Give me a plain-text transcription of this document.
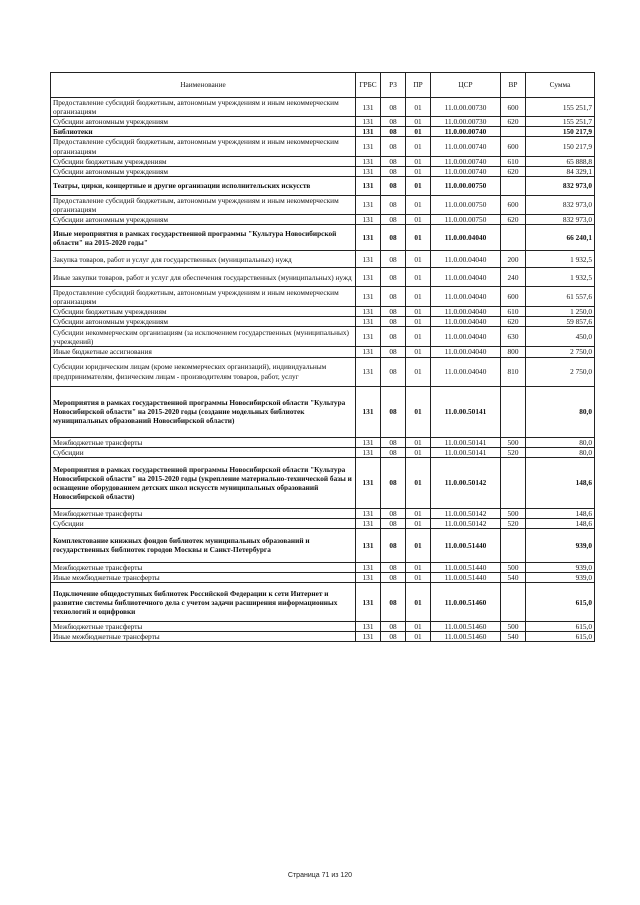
Наименование	ГРБС	РЗ	ПР	ЦСР	ВР	Сумма
Предоставление субсидий бюджетным, автономным учреждениям и иным некоммерческим организациям	131	08	01	11.0.00.00730	600	155 251,7
Субсидии автономным учреждениям	131	08	01	11.0.00.00730	620	155 251,7
Библиотеки	131	08	01	11.0.00.00740		150 217,9
Предоставление субсидий бюджетным, автономным учреждениям и иным некоммерческим организациям	131	08	01	11.0.00.00740	600	150 217,9
Субсидии бюджетным учреждениям	131	08	01	11.0.00.00740	610	65 888,8
Субсидии автономным учреждениям	131	08	01	11.0.00.00740	620	84 329,1
Театры, цирки, концертные и другие организации исполнительских искусств	131	08	01	11.0.00.00750		832 973,0
Предоставление субсидий бюджетным, автономным учреждениям и иным некоммерческим организациям	131	08	01	11.0.00.00750	600	832 973,0
Субсидии автономным учреждениям	131	08	01	11.0.00.00750	620	832 973,0
Иные мероприятия в рамках государственной программы "Культура Новосибирской области" на 2015-2020 годы"	131	08	01	11.0.00.04040		66 240,1
Закупка товаров, работ и услуг для государственных (муниципальных) нужд	131	08	01	11.0.00.04040	200	1 932,5
Иные закупки товаров, работ и услуг для обеспечения государственных (муниципальных) нужд	131	08	01	11.0.00.04040	240	1 932,5
Предоставление субсидий бюджетным, автономным учреждениям и иным некоммерческим организациям	131	08	01	11.0.00.04040	600	61 557,6
Субсидии бюджетным учреждениям	131	08	01	11.0.00.04040	610	1 250,0
Субсидии автономным учреждениям	131	08	01	11.0.00.04040	620	59 857,6
Субсидии некоммерческим организациям (за исключением государственных (муниципальных) учреждений)	131	08	01	11.0.00.04040	630	450,0
Иные бюджетные ассигнования	131	08	01	11.0.00.04040	800	2 750,0
Субсидии юридическим лицам (кроме некоммерческих организаций), индивидуальным предпринимателям, физическим лицам - производителям товаров, работ, услуг	131	08	01	11.0.00.04040	810	2 750,0
Мероприятия в рамках государственной программы Новосибирской области "Культура Новосибирской области" на 2015-2020 годы (создание модельных библиотек муниципальных образований Новосибирской области)	131	08	01	11.0.00.50141		80,0
Межбюджетные трансферты	131	08	01	11.0.00.50141	500	80,0
Субсидии	131	08	01	11.0.00.50141	520	80,0
Мероприятия в рамках государственной программы Новосибирской области "Культура Новосибирской области" на 2015-2020 годы (укрепление материально-технической базы и оснащение оборудованием детских школ искусств муниципальных образований Новосибирской области)	131	08	01	11.0.00.50142		148,6
Межбюджетные трансферты	131	08	01	11.0.00.50142	500	148,6
Субсидии	131	08	01	11.0.00.50142	520	148,6
Комплектование книжных фондов библиотек муниципальных образований и государственных библиотек городов Москвы и Санкт-Петербурга	131	08	01	11.0.00.51440		939,0
Межбюджетные трансферты	131	08	01	11.0.00.51440	500	939,0
Иные межбюджетные трансферты	131	08	01	11.0.00.51440	540	939,0
Подключение общедоступных библиотек Российской Федерации к сети Интернет и развитие системы библиотечного дела с учетом задачи расширения информационных технологий и оцифровки	131	08	01	11.0.00.51460		615,0
Межбюджетные трансферты	131	08	01	11.0.00.51460	500	615,0
Иные межбюджетные трансферты	131	08	01	11.0.00.51460	540	615,0
Страница 71 из 120
